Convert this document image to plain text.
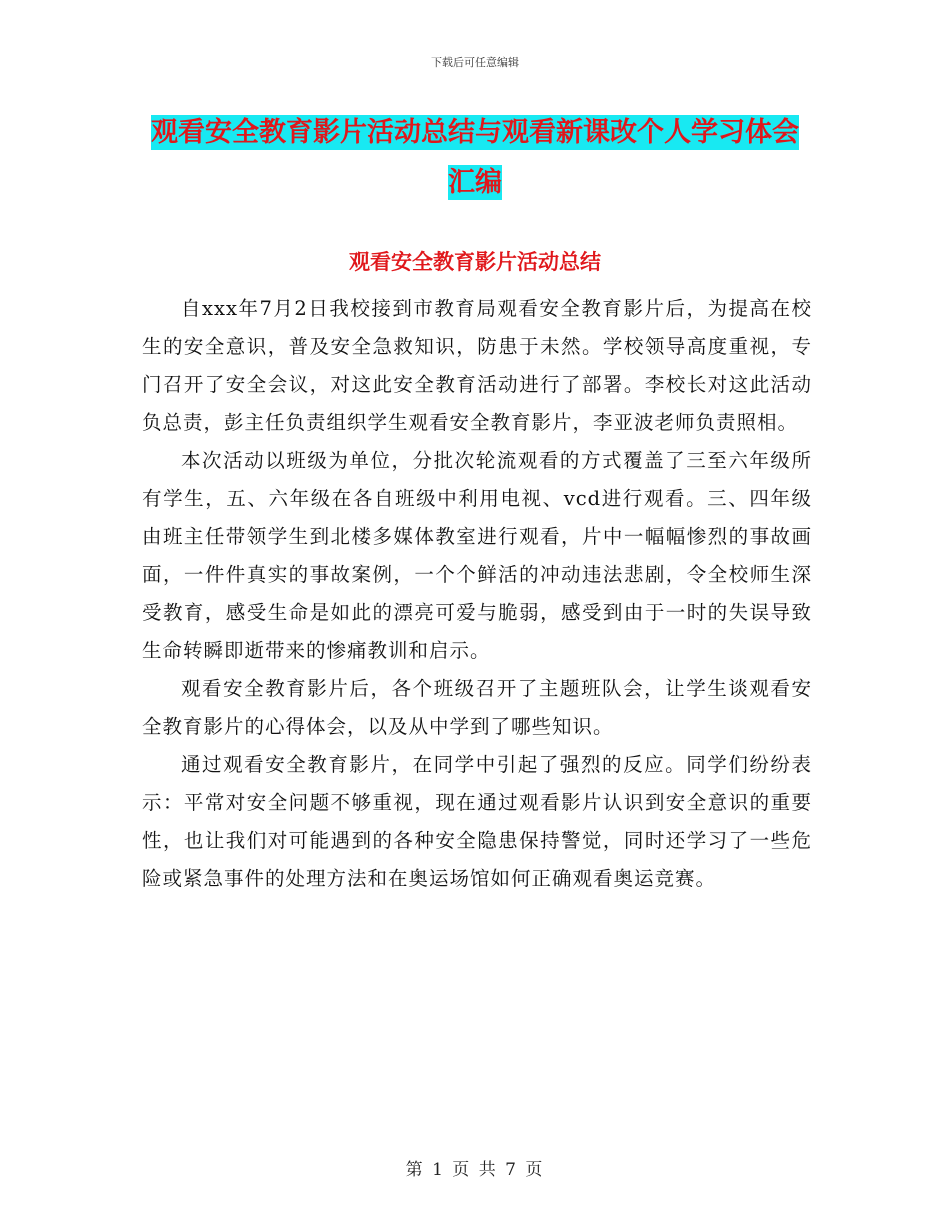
下载后可任意编辑
观看安全教育影片活动总结与观看新课改个人学习体会汇编
观看安全教育影片活动总结

自xxx年7月2日我校接到市教育局观看安全教育影片后，为提高在校生的安全意识，普及安全急救知识，防患于未然。学校领导高度重视，专门召开了安全会议，对这此安全教育活动进行了部署。李校长对这此活动负总责，彭主任负责组织学生观看安全教育影片，李亚波老师负责照相。

本次活动以班级为单位，分批次轮流观看的方式覆盖了三至六年级所有学生，五、六年级在各自班级中利用电视、vcd进行观看。三、四年级由班主任带领学生到北楼多媒体教室进行观看，片中一幅幅惨烈的事故画面，一件件真实的事故案例，一个个鲜活的冲动违法悲剧，令全校师生深受教育，感受生命是如此的漂亮可爱与脆弱，感受到由于一时的失误导致生命转瞬即逝带来的惨痛教训和启示。

观看安全教育影片后，各个班级召开了主题班队会，让学生谈观看安全教育影片的心得体会，以及从中学到了哪些知识。

通过观看安全教育影片，在同学中引起了强烈的反应。同学们纷纷表示：平常对安全问题不够重视，现在通过观看影片认识到安全意识的重要性，也让我们对可能遇到的各种安全隐患保持警觉，同时还学习了一些危险或紧急事件的处理方法和在奥运场馆如何正确观看奥运竞赛。

第 1 页 共 7 页
